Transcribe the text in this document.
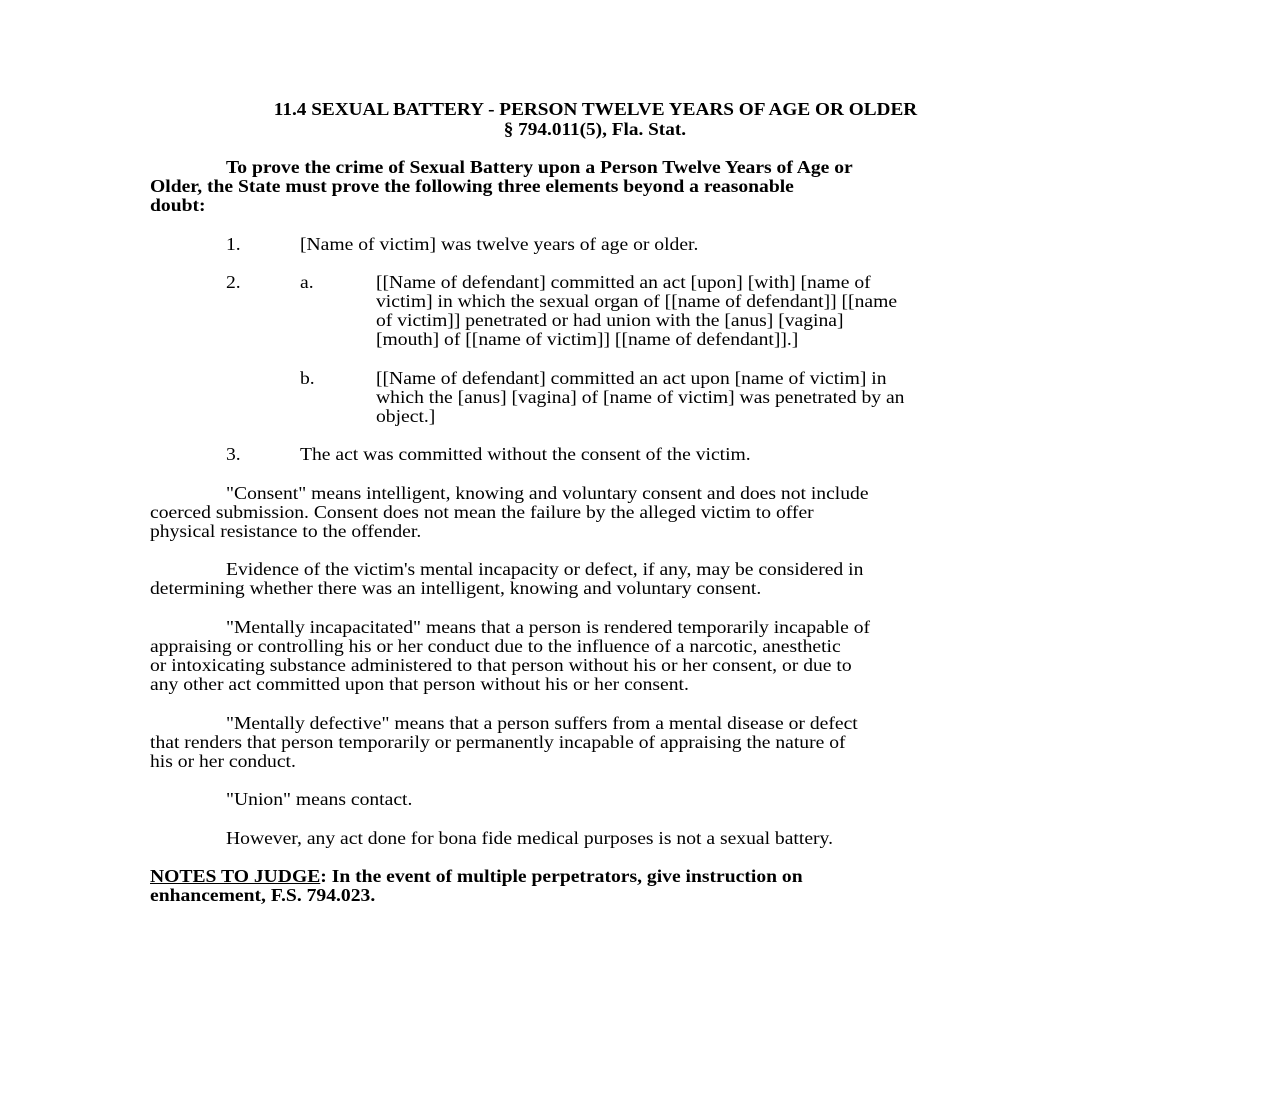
11.4 SEXUAL BATTERY - PERSON TWELVE YEARS OF AGE OR OLDER
§ 794.011(5), Fla. Stat.
To prove the crime of Sexual Battery upon a Person Twelve Years of Age or
Older, the State must prove the following three elements beyond a reasonable
doubt:
1.	[Name of victim] was twelve years of age or older.
2.	a.	[[Name of defendant] committed an act [upon] [with] [name of
victim] in which the sexual organ of [[name of defendant]] [[name
of victim]] penetrated or had union with the [anus] [vagina]
[mouth] of [[name of victim]] [[name of defendant]].]
b.	[[Name of defendant] committed an act upon [name of victim] in
which the [anus] [vagina] of [name of victim] was penetrated by an
object.]
3.	The act was committed without the consent of the victim.
"Consent" means intelligent, knowing and voluntary consent and does not include
coerced submission. Consent does not mean the failure by the alleged victim to offer
physical resistance to the offender.
Evidence of the victim's mental incapacity or defect, if any, may be considered in
determining whether there was an intelligent, knowing and voluntary consent.
"Mentally incapacitated" means that a person is rendered temporarily incapable of
appraising or controlling his or her conduct due to the influence of a narcotic, anesthetic
or intoxicating substance administered to that person without his or her consent, or due to
any other act committed upon that person without his or her consent.
"Mentally defective" means that a person suffers from a mental disease or defect
that renders that person temporarily or permanently incapable of appraising the nature of
his or her conduct.
"Union" means contact.
However, any act done for bona fide medical purposes is not a sexual battery.
NOTES TO JUDGE: In the event of multiple perpetrators, give instruction on
enhancement, F.S. 794.023.
